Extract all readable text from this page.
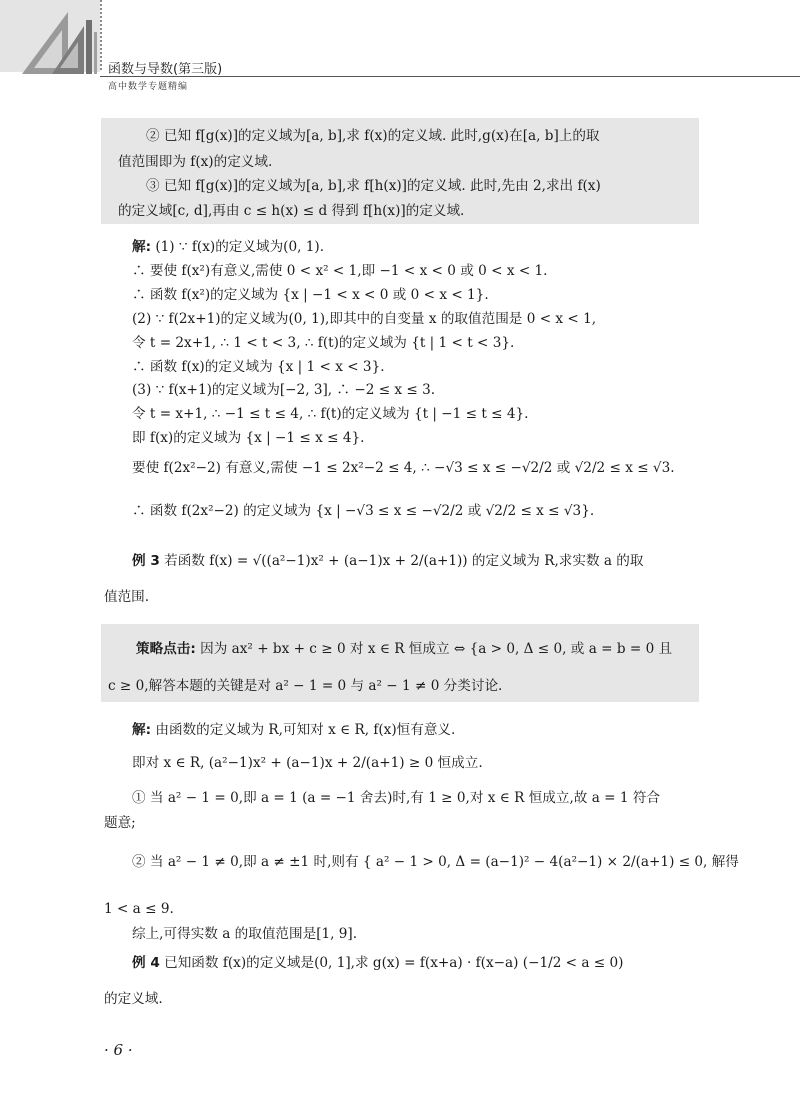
函数与导数(第三版)
高中数学专题精编
② 已知 f[g(x)]的定义域为[a, b],求 f(x)的定义域. 此时,g(x)在[a, b]上的取
值范围即为 f(x)的定义域.
③ 已知 f[g(x)]的定义域为[a, b],求 f[h(x)]的定义域. 此时,先由 2,求出 f(x)
的定义域[c, d],再由 c ≤ h(x) ≤ d 得到 f[h(x)]的定义域.
解: (1) ∵ f(x)的定义域为(0, 1).
∴ 要使 f(x²)有意义,需使 0 < x² < 1,即 −1 < x < 0 或 0 < x < 1.
∴ 函数 f(x²)的定义域为 {x | −1 < x < 0 或 0 < x < 1}.
(2) ∵ f(2x+1)的定义域为(0, 1),即其中的自变量 x 的取值范围是 0 < x < 1,
令 t = 2x+1, ∴ 1 < t < 3, ∴ f(t)的定义域为 {t | 1 < t < 3}.
∴ 函数 f(x)的定义域为 {x | 1 < x < 3}.
(3) ∵ f(x+1)的定义域为[−2, 3], ∴ −2 ≤ x ≤ 3.
令 t = x+1, ∴ −1 ≤ t ≤ 4, ∴ f(t)的定义域为 {t | −1 ≤ t ≤ 4}.
即 f(x)的定义域为 {x | −1 ≤ x ≤ 4}.
要使 f(2x²−2) 有意义,需使 −1 ≤ 2x²−2 ≤ 4, ∴ −√3 ≤ x ≤ −√2/2 或 √2/2 ≤ x ≤ √3.
∴ 函数 f(2x²−2) 的定义域为 {x | −√3 ≤ x ≤ −√2/2 或 √2/2 ≤ x ≤ √3}.
例 3 若函数 f(x) = √((a²−1)x² + (a−1)x + 2/(a+1)) 的定义域为 R,求实数 a 的取
值范围.
策略点击: 因为 ax² + bx + c ≥ 0 对 x ∈ R 恒成立 ⇔ {a > 0, Δ ≤ 0, 或 a = b = 0 且
c ≥ 0,解答本题的关键是对 a² − 1 = 0 与 a² − 1 ≠ 0 分类讨论.
解: 由函数的定义域为 R,可知对 x ∈ R, f(x)恒有意义.
即对 x ∈ R, (a²−1)x² + (a−1)x + 2/(a+1) ≥ 0 恒成立.
① 当 a² − 1 = 0,即 a = 1 (a = −1 舍去)时,有 1 ≥ 0,对 x ∈ R 恒成立,故 a = 1 符合
题意;
② 当 a² − 1 ≠ 0,即 a ≠ ±1 时,则有 { a² − 1 > 0, Δ = (a−1)² − 4(a²−1) × 2/(a+1) ≤ 0, 解得
1 < a ≤ 9.
综上,可得实数 a 的取值范围是[1, 9].
例 4 已知函数 f(x)的定义域是(0, 1],求 g(x) = f(x+a) · f(x−a) (−1/2 < a ≤ 0)
的定义域.
· 6 ·
